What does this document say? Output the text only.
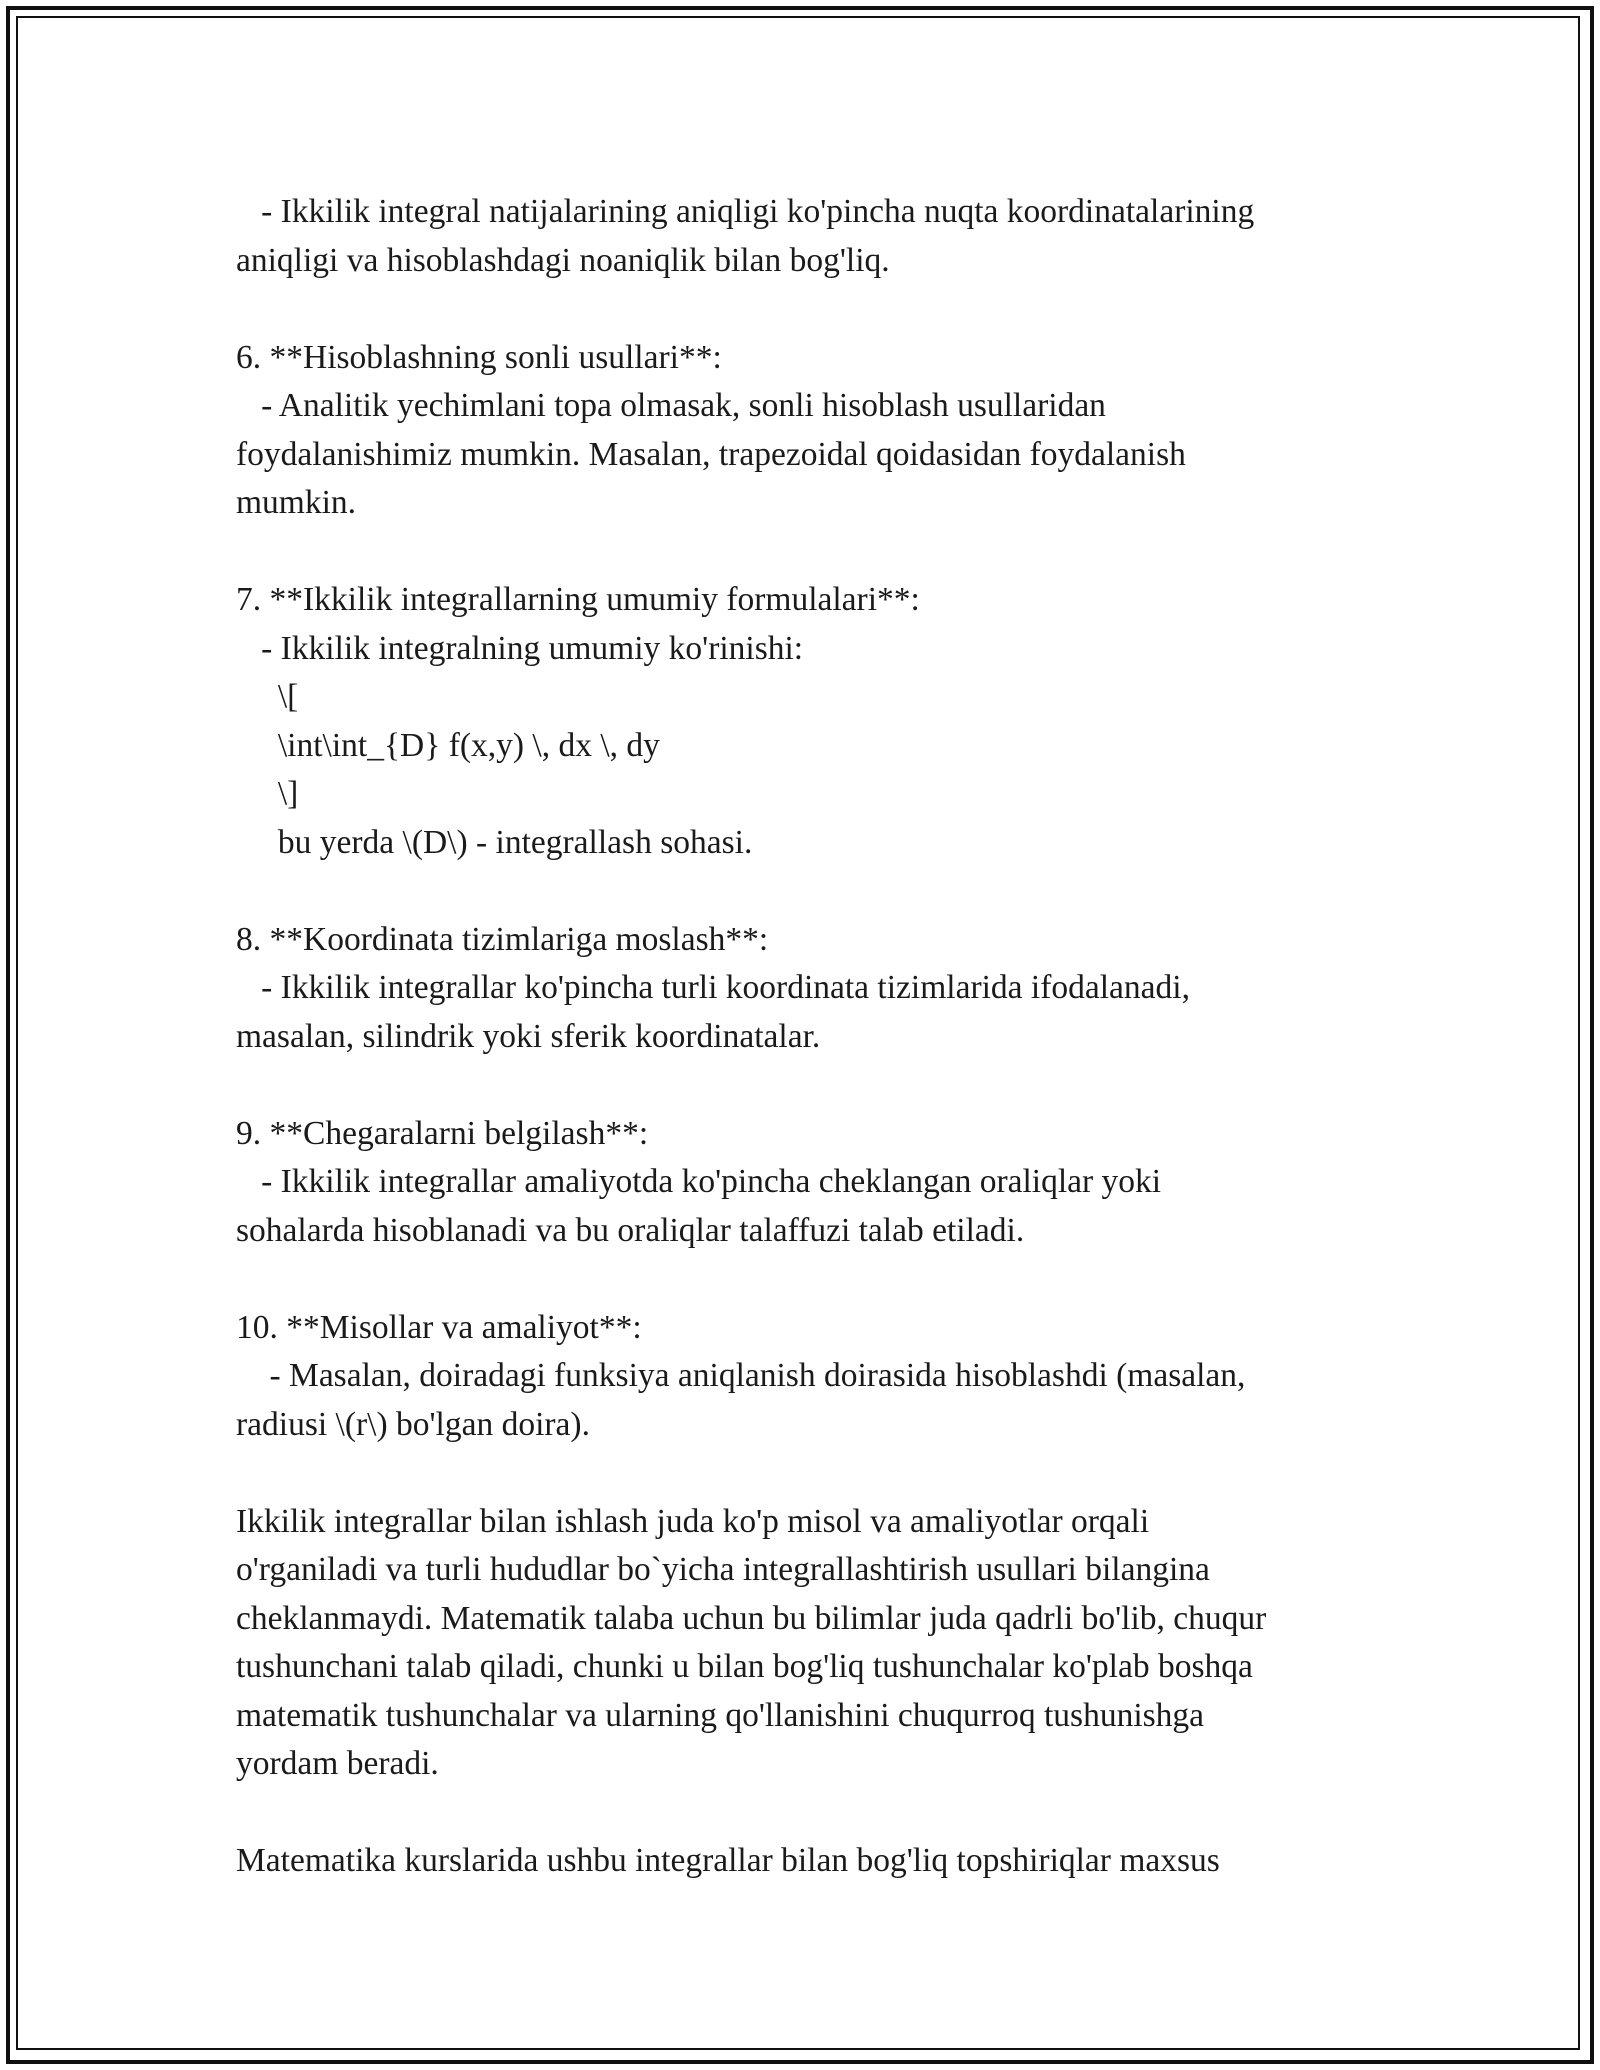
- Ikkilik integral natijalarining aniqligi ko'pincha nuqta koordinatalarining
aniqligi va hisoblashdagi noaniqlik bilan bog'liq.

6. **Hisoblashning sonli usullari**:
- Analitik yechimlani topa olmasak, sonli hisoblash usullaridan
foydalanishimiz mumkin. Masalan, trapezoidal qoidasidan foydalanish
mumkin.

7. **Ikkilik integrallarning umumiy formulalari**:
- Ikkilik integralning umumiy ko'rinishi:
\[
\int\int_{D} f(x,y) \, dx \, dy
\]
bu yerda \(D\) - integrallash sohasi.

8. **Koordinata tizimlariga moslash**:
- Ikkilik integrallar ko'pincha turli koordinata tizimlarida ifodalanadi,
masalan, silindrik yoki sferik koordinatalar.

9. **Chegaralarni belgilash**:
- Ikkilik integrallar amaliyotda ko'pincha cheklangan oraliqlar yoki
sohalarda hisoblanadi va bu oraliqlar talaffuzi talab etiladi.

10. **Misollar va amaliyot**:
- Masalan, doiradagi funksiya aniqlanish doirasida hisoblashdi (masalan,
radiusi \(r\) bo'lgan doira).

Ikkilik integrallar bilan ishlash juda ko'p misol va amaliyotlar orqali
o'rganiladi va turli hududlar bo`yicha integrallashtirish usullari bilangina
cheklanmaydi. Matematik talaba uchun bu bilimlar juda qadrli bo'lib, chuqur
tushunchani talab qiladi, chunki u bilan bog'liq tushunchalar ko'plab boshqa
matematik tushunchalar va ularning qo'llanishini chuqurroq tushunishga
yordam beradi.

Matematika kurslarida ushbu integrallar bilan bog'liq topshiriqlar maxsus
